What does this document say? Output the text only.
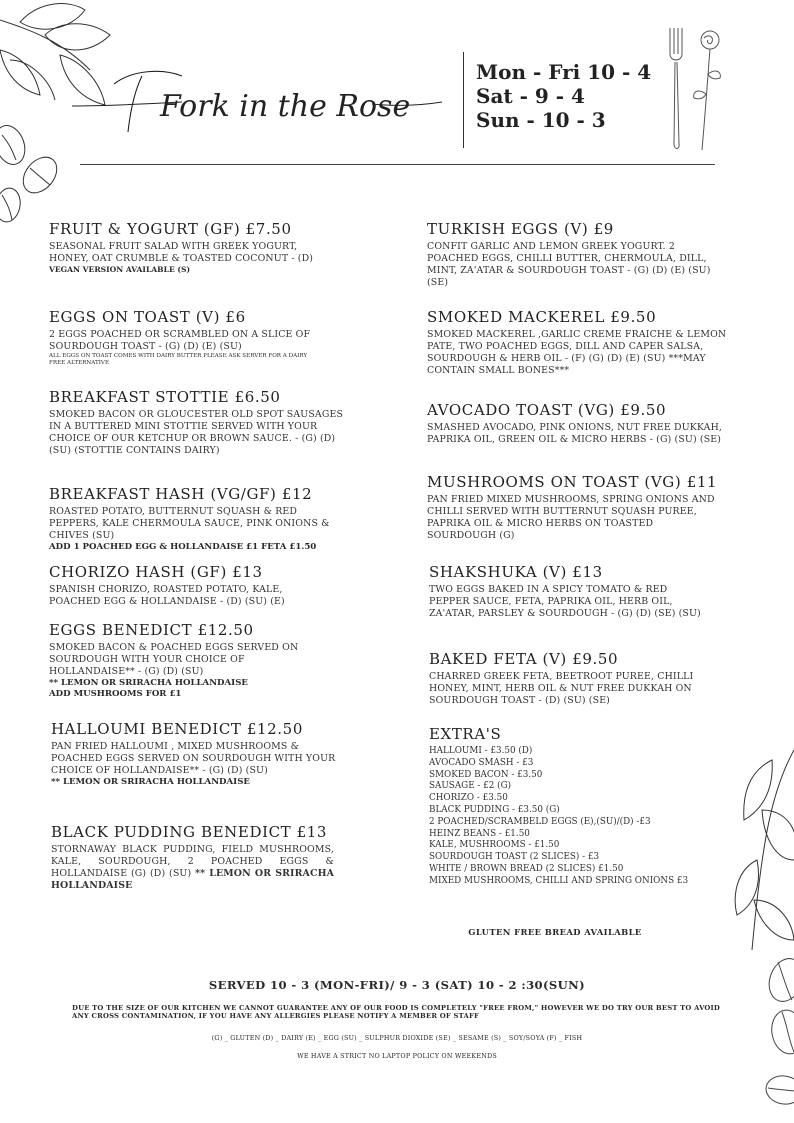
Fork in the Rose
Mon - Fri 10 - 4
Sat - 9 - 4
Sun - 10 - 3
FRUIT & YOGURT (GF) £7.50
SEASONAL FRUIT SALAD WITH GREEK YOGURT, HONEY, OAT CRUMBLE & TOASTED COCONUT - (D)
VEGAN VERSION AVAILABLE (S)
EGGS ON TOAST (V) £6
2 EGGS POACHED OR SCRAMBLED ON A SLICE OF SOURDOUGH TOAST - (G) (D) (E) (SU)
ALL EGGS ON TOAST COMES WITH DAIRY BUTTER PLEASE ASK SERVER FOR A DAIRY FREE ALTERNATIVE
BREAKFAST STOTTIE £6.50
SMOKED BACON OR GLOUCESTER OLD SPOT SAUSAGES IN A BUTTERED MINI STOTTIE SERVED WITH YOUR CHOICE OF OUR KETCHUP OR BROWN SAUCE. - (G) (D) (SU) (STOTTIE CONTAINS DAIRY)
BREAKFAST HASH (VG/GF) £12
ROASTED POTATO, BUTTERNUT SQUASH & RED PEPPERS, KALE CHERMOULA SAUCE, PINK ONIONS & CHIVES (SU)
ADD 1 POACHED EGG & HOLLANDAISE £1 FETA £1.50
CHORIZO HASH (GF) £13
SPANISH CHORIZO, ROASTED POTATO, KALE, POACHED EGG & HOLLANDAISE - (D) (SU) (E)
EGGS BENEDICT £12.50
SMOKED BACON & POACHED EGGS SERVED ON SOURDOUGH WITH YOUR CHOICE OF HOLLANDAISE** - (G) (D) (SU)
** LEMON OR SRIRACHA HOLLANDAISE
ADD MUSHROOMS FOR £1
HALLOUMI BENEDICT £12.50
PAN FRIED HALLOUMI , MIXED MUSHROOMS & POACHED EGGS SERVED ON SOURDOUGH WITH YOUR CHOICE OF HOLLANDAISE** - (G) (D) (SU)
** LEMON OR SRIRACHA HOLLANDAISE
BLACK PUDDING BENEDICT £13
STORNAWAY BLACK PUDDING, FIELD MUSHROOMS, KALE, SOURDOUGH, 2 POACHED EGGS & HOLLANDAISE (G) (D) (SU) ** LEMON OR SRIRACHA HOLLANDAISE
TURKISH EGGS (V) £9
CONFIT GARLIC AND LEMON GREEK YOGURT. 2 POACHED EGGS, CHILLI BUTTER, CHERMOULA, DILL, MINT, ZA'ATAR & SOURDOUGH TOAST - (G) (D) (E) (SU) (SE)
SMOKED MACKEREL £9.50
SMOKED MACKEREL ,GARLIC CREME FRAICHE & LEMON PATE, TWO POACHED EGGS, DILL AND CAPER SALSA, SOURDOUGH & HERB OIL - (F) (G) (D) (E) (SU) ***MAY CONTAIN SMALL BONES***
AVOCADO TOAST (VG) £9.50
SMASHED AVOCADO, PINK ONIONS, NUT FREE DUKKAH, PAPRIKA OIL, GREEN OIL & MICRO HERBS - (G) (SU) (SE)
MUSHROOMS ON TOAST (VG) £11
PAN FRIED MIXED MUSHROOMS, SPRING ONIONS AND CHILLI SERVED WITH BUTTERNUT SQUASH PUREE, PAPRIKA OIL & MICRO HERBS ON TOASTED SOURDOUGH (G)
SHAKSHUKA (V) £13
TWO EGGS BAKED IN A SPICY TOMATO & RED PEPPER SAUCE, FETA, PAPRIKA OIL, HERB OIL, ZA'ATAR, PARSLEY & SOURDOUGH - (G) (D) (SE) (SU)
BAKED FETA (V) £9.50
CHARRED GREEK FETA, BEETROOT PUREE, CHILLI HONEY, MINT, HERB OIL & NUT FREE DUKKAH ON SOURDOUGH TOAST - (D) (SU) (SE)
EXTRA'S
HALLOUMI - £3.50 (D)
AVOCADO SMASH - £3
SMOKED BACON - £3.50
SAUSAGE - £2 (G)
CHORIZO - £3.50
BLACK PUDDING - £3.50 (G)
2 POACHED/SCRAMBELD EGGS (E),(SU)/(D) -£3
HEINZ BEANS - £1.50
KALE, MUSHROOMS - £1.50
SOURDOUGH TOAST (2 SLICES) - £3
WHITE / BROWN BREAD (2 SLICES) £1.50
MIXED MUSHROOMS, CHILLI AND SPRING ONIONS £3
GLUTEN FREE BREAD AVAILABLE
SERVED 10 - 3 (MON-FRI)/ 9 - 3 (SAT) 10 - 2 :30(SUN)
DUE TO THE SIZE OF OUR KITCHEN WE CANNOT GUARANTEE ANY OF OUR FOOD IS COMPLETELY "FREE FROM," HOWEVER WE DO TRY OUR BEST TO AVOID ANY CROSS CONTAMINATION, IF YOU HAVE ANY ALLERGIES PLEASE NOTIFY A MEMBER OF STAFF
(G) _ GLUTEN (D) _ DAIRY (E) _ EGG (SU) _ SULPHUR DIOXIDE (SE) _ SESAME (S) _ SOY/SOYA (F) _ FISH
WE HAVE A STRICT NO LAPTOP POLICY ON WEEKENDS
